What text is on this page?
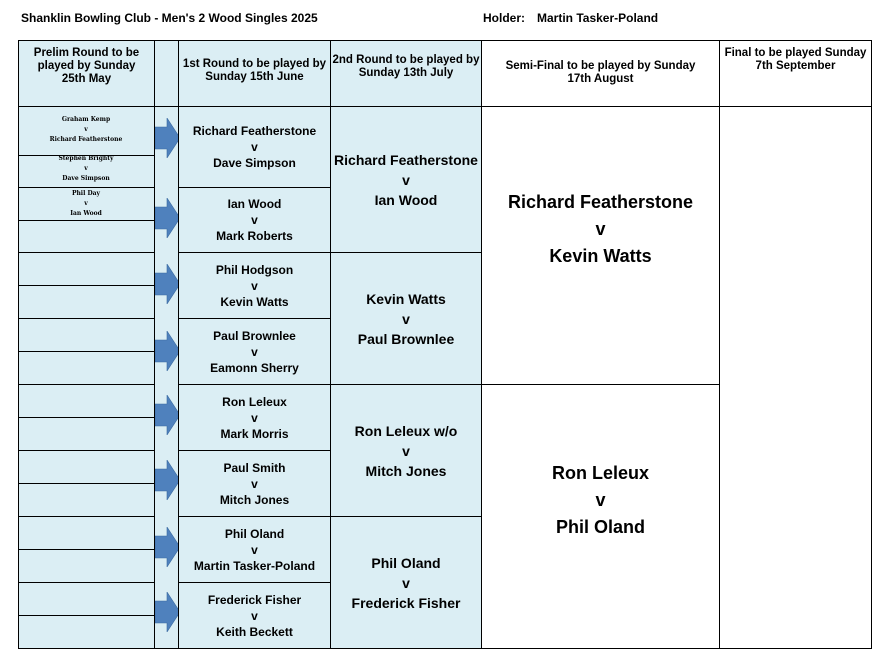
Shanklin Bowling Club - Men's 2 Wood Singles 2025	Holder: Martin Tasker-Poland
Prelim Round to be played by Sunday 25th May
1st Round to be played by Sunday 15th June
2nd Round to be played by Sunday 13th July
Semi-Final to be played by Sunday 17th August
Final to be played Sunday 7th September
Graham Kemp
v
Richard Featherstone
Stephen Brighty
v
Dave Simpson
Phil Day
v
Ian Wood
Richard Featherstone
v
Dave Simpson
Ian Wood
v
Mark Roberts
Phil Hodgson
v
Kevin Watts
Paul Brownlee
v
Eamonn Sherry
Ron Leleux
v
Mark Morris
Paul Smith
v
Mitch Jones
Phil Oland
v
Martin Tasker-Poland
Frederick Fisher
v
Keith Beckett
Richard Featherstone
v
Ian Wood
Kevin Watts
v
Paul Brownlee
Ron Leleux w/o
v
Mitch Jones
Phil Oland
v
Frederick Fisher
Richard Featherstone
v
Kevin Watts
Ron Leleux
v
Phil Oland
